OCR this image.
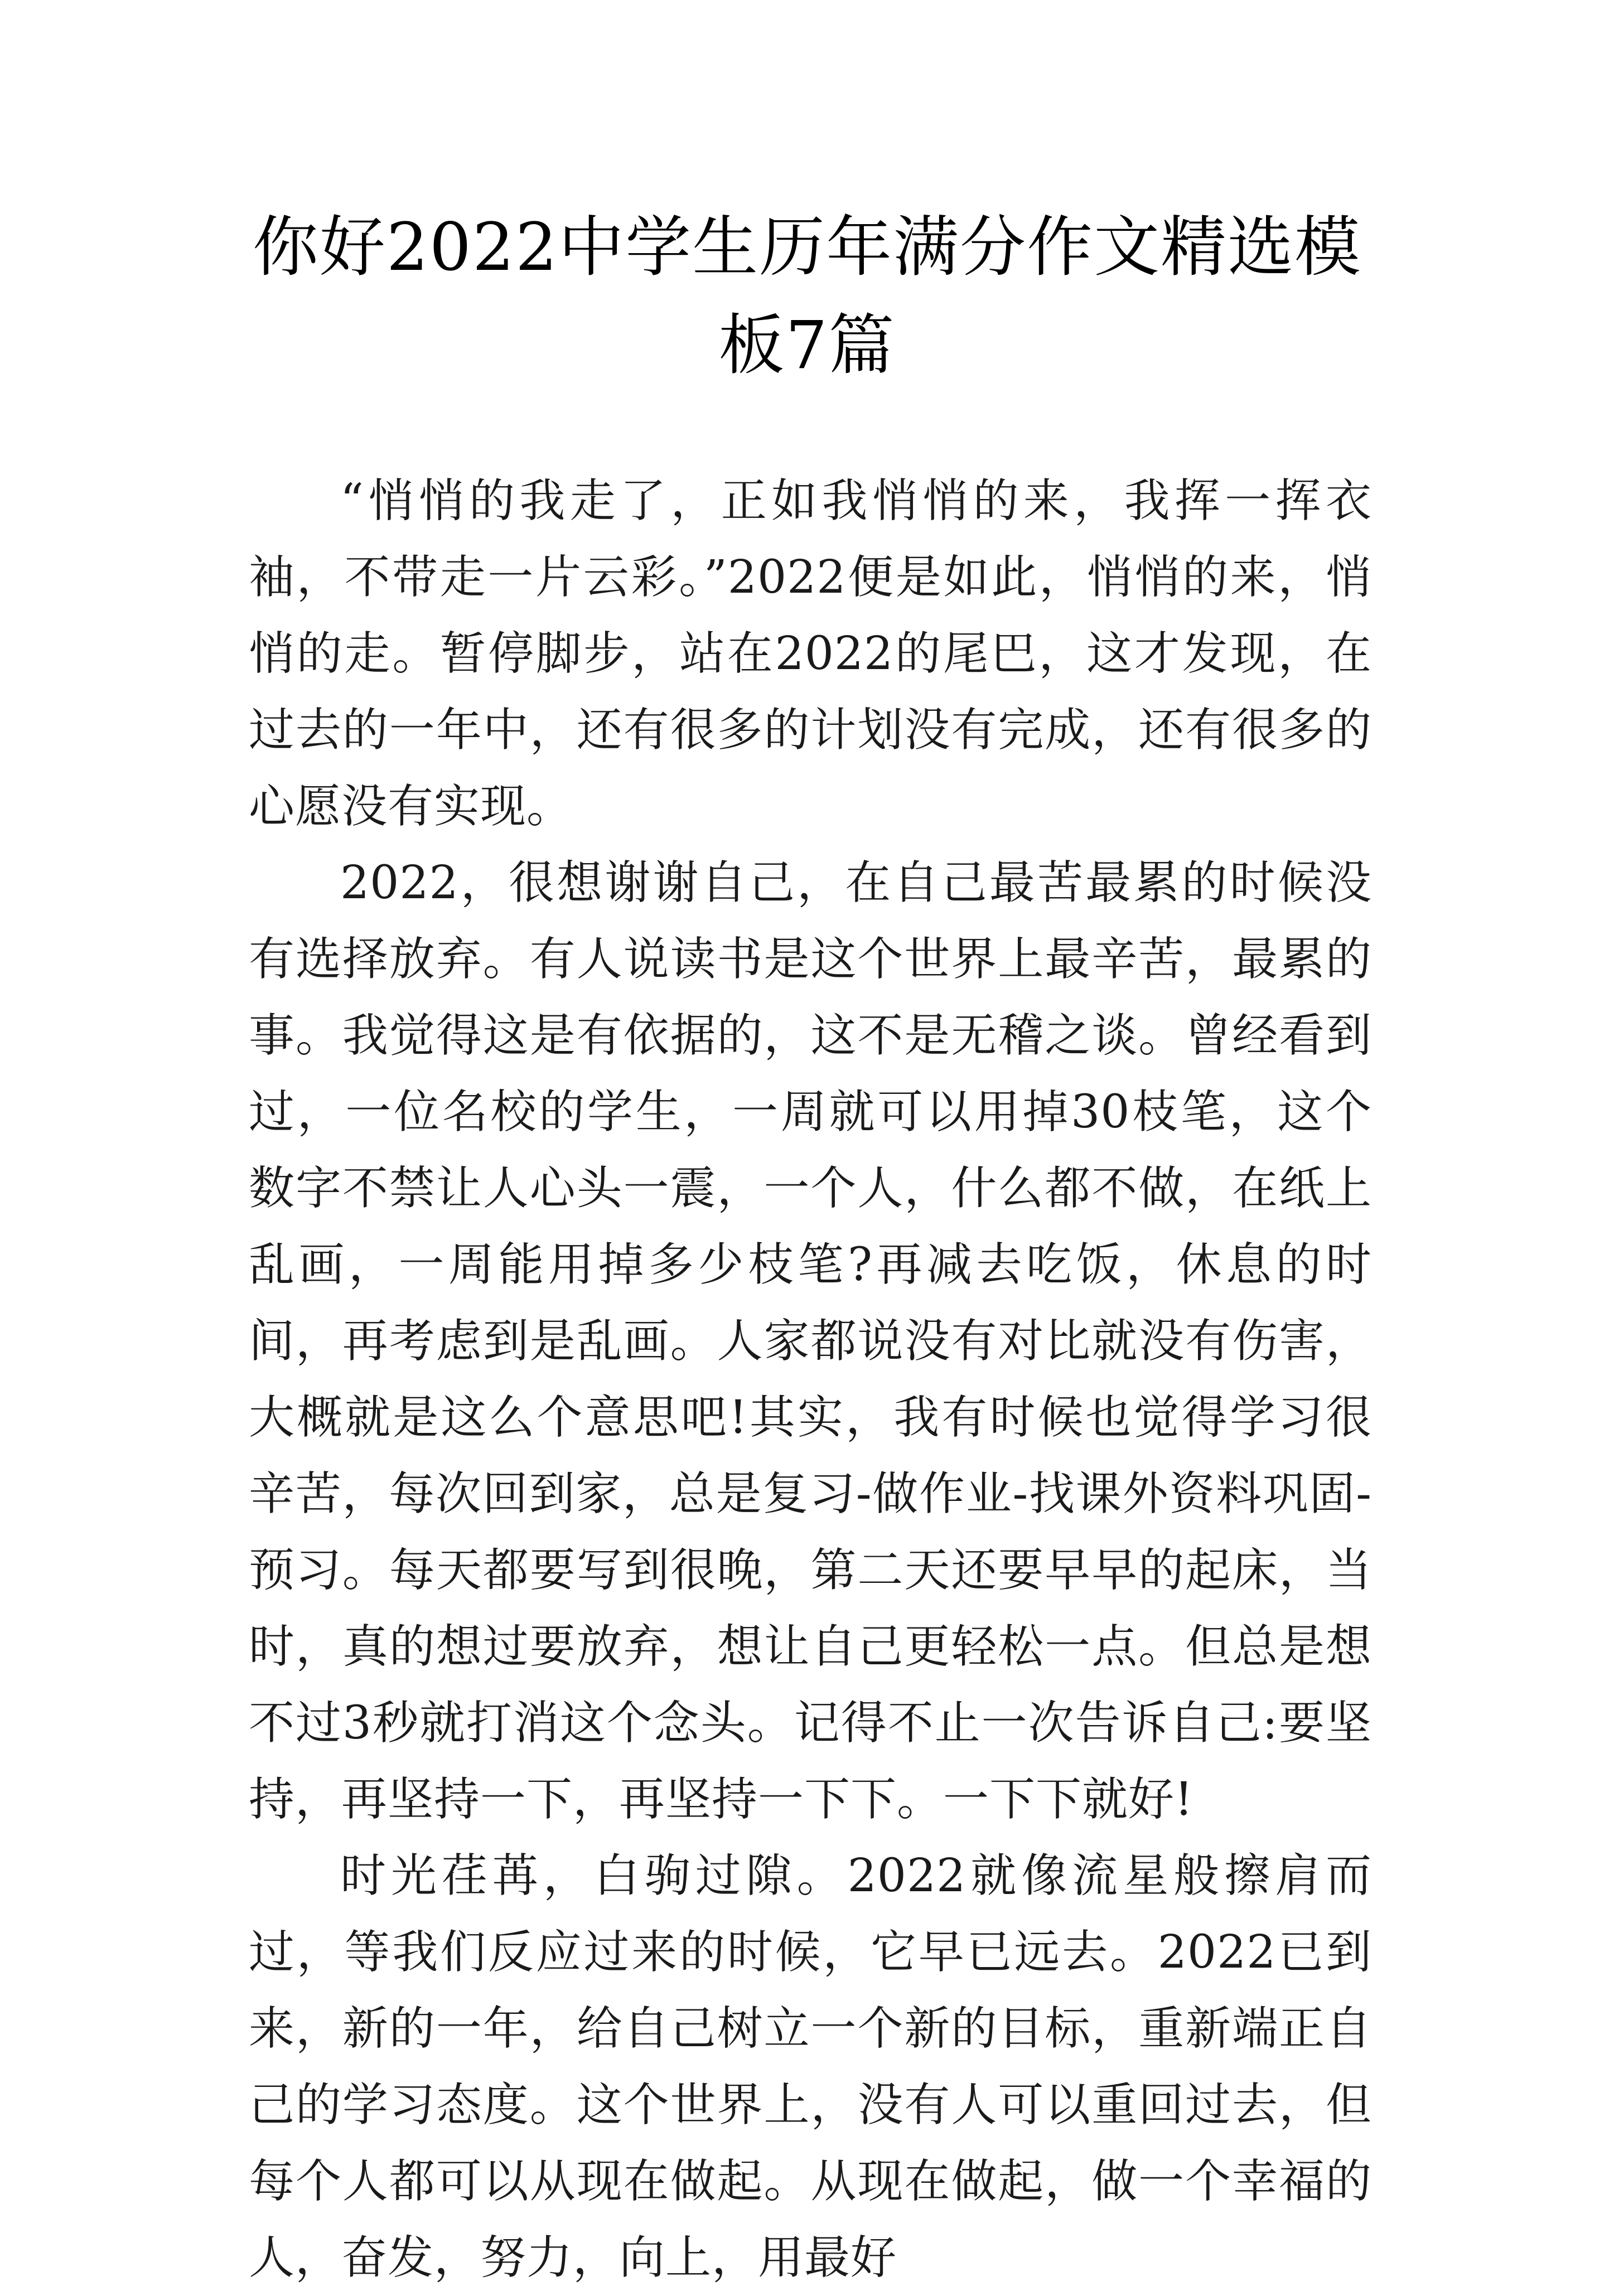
你好2022中学生历年满分作文精选模板7篇

“悄悄的我走了，正如我悄悄的来，我挥一挥衣袖，不带走一片云彩。”2022便是如此，悄悄的来，悄悄的走。暂停脚步，站在2022的尾巴，这才发现，在过去的一年中，还有很多的计划没有完成，还有很多的心愿没有实现。

2022，很想谢谢自己，在自己最苦最累的时候没有选择放弃。有人说读书是这个世界上最辛苦，最累的事。我觉得这是有依据的，这不是无稽之谈。曾经看到过，一位名校的学生，一周就可以用掉30枝笔，这个数字不禁让人心头一震，一个人，什么都不做，在纸上乱画，一周能用掉多少枝笔?再减去吃饭，休息的时间，再考虑到是乱画。人家都说没有对比就没有伤害，大概就是这么个意思吧!其实，我有时候也觉得学习很辛苦，每次回到家，总是复习-做作业-找课外资料巩固-预习。每天都要写到很晚，第二天还要早早的起床，当时，真的想过要放弃，想让自己更轻松一点。但总是想不过3秒就打消这个念头。记得不止一次告诉自己:要坚持，再坚持一下，再坚持一下下。一下下就好!

时光荏苒，白驹过隙。2022就像流星般擦肩而过，等我们反应过来的时候，它早已远去。2022已到来，新的一年，给自己树立一个新的目标，重新端正自己的学习态度。这个世界上，没有人可以重回过去，但每个人都可以从现在做起。从现在做起，做一个幸福的人，奋发，努力，向上，用最好
